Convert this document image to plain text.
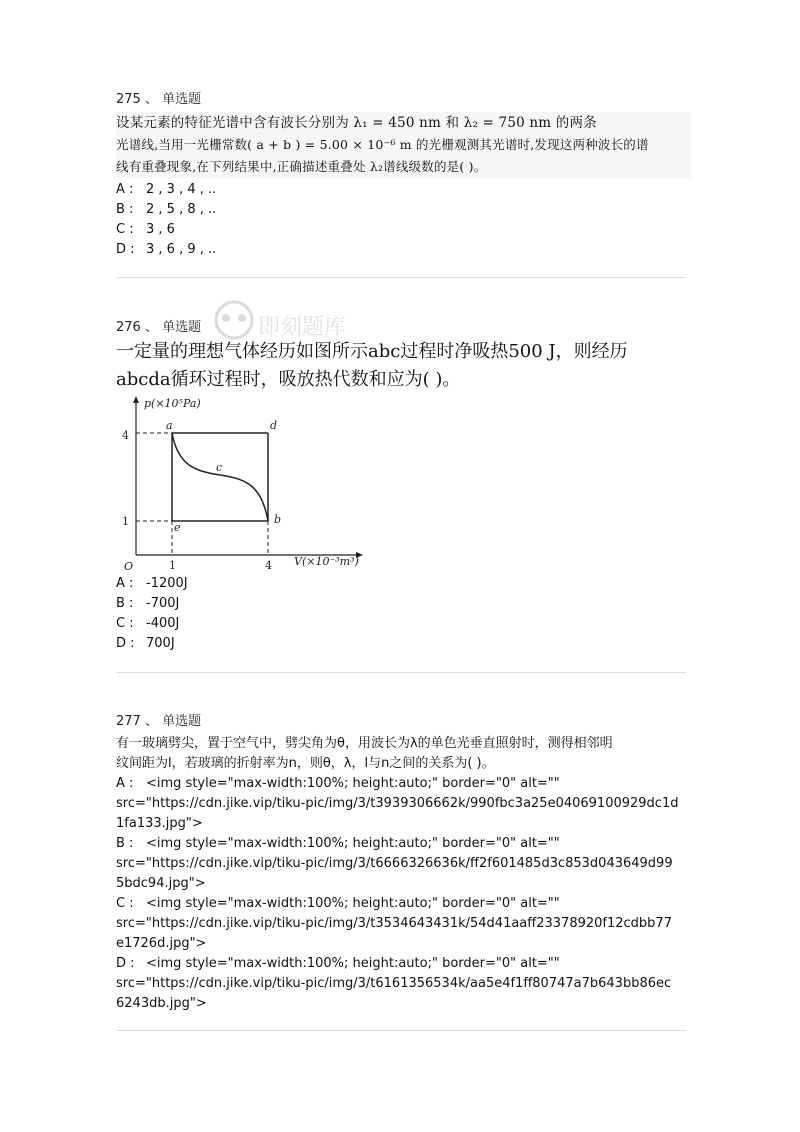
275 、 单选题
设某元素的特征光谱中含有波长分别为 λ₁ = 450 nm 和 λ₂ = 750 nm 的两条
光谱线,当用一光栅常数( a + b ) = 5.00 × 10⁻⁶ m 的光栅观测其光谱时,发现这两种波长的谱
线有重叠现象,在下列结果中,正确描述重叠处 λ₂谱线级数的是( )。
A : 2 , 3 , 4 , ..
B : 2 , 5 , 8 , ..
C : 3 , 6
D : 3 , 6 , 9 , ..
即刻题库
276 、 单选题
一定量的理想气体经历如图所示abc过程时净吸热500 J，则经历
abcda循环过程时，吸放热代数和应为( )。
p(×10⁵Pa)
V(×10⁻³m³)
O
4
1
1	4
a
b
c
d
e
A : -1200J
B : -700J
C : -400J
D : 700J
277 、 单选题
有一玻璃劈尖，置于空气中，劈尖角为θ，用波长为λ的单色光垂直照射时，测得相邻明
纹间距为l，若玻璃的折射率为n，则θ，λ，l与n之间的关系为( )。
A : <img style="max-width:100%; height:auto;" border="0" alt=""
src="https://cdn.jike.vip/tiku-pic/img/3/t3939306662k/990fbc3a25e04069100929dc1d
1fa133.jpg">
B : <img style="max-width:100%; height:auto;" border="0" alt=""
src="https://cdn.jike.vip/tiku-pic/img/3/t6666326636k/ff2f601485d3c853d043649d99
5bdc94.jpg">
C : <img style="max-width:100%; height:auto;" border="0" alt=""
src="https://cdn.jike.vip/tiku-pic/img/3/t3534643431k/54d41aaff23378920f12cdbb77
e1726d.jpg">
D : <img style="max-width:100%; height:auto;" border="0" alt=""
src="https://cdn.jike.vip/tiku-pic/img/3/t6161356534k/aa5e4f1ff80747a7b643bb86ec
6243db.jpg">
